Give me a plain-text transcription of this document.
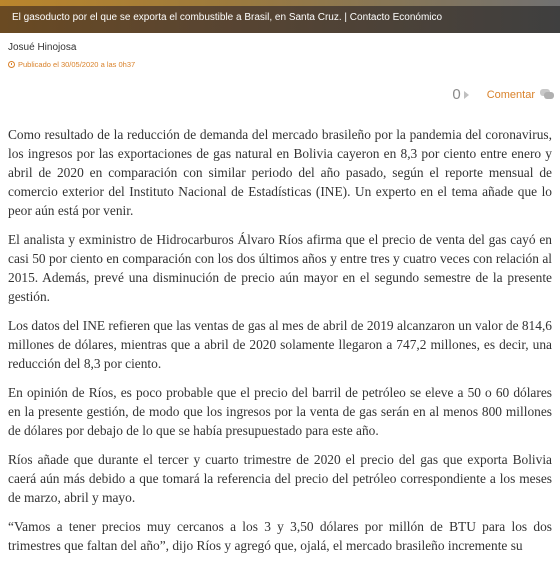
El gasoducto por el que se exporta el combustible a Brasil, en Santa Cruz. | Contacto Económico
Josué Hinojosa
Publicado el 30/05/2020 a las 0h37
0 Comentar

Como resultado de la reducción de demanda del mercado brasileño por la pandemia del coronavirus, los ingresos por las exportaciones de gas natural en Bolivia cayeron en 8,3 por ciento entre enero y abril de 2020 en comparación con similar periodo del año pasado, según el reporte mensual de comercio exterior del Instituto Nacional de Estadísticas (INE). Un experto en el tema añade que lo peor aún está por venir.

El analista y exministro de Hidrocarburos Álvaro Ríos afirma que el precio de venta del gas cayó en casi 50 por ciento en comparación con los dos últimos años y entre tres y cuatro veces con relación al 2015. Además, prevé una disminución de precio aún mayor en el segundo semestre de la presente gestión.

Los datos del INE refieren que las ventas de gas al mes de abril de 2019 alcanzaron un valor de 814,6 millones de dólares, mientras que a abril de 2020 solamente llegaron a 747,2 millones, es decir, una reducción del 8,3 por ciento.

En opinión de Ríos, es poco probable que el precio del barril de petróleo se eleve a 50 o 60 dólares en la presente gestión, de modo que los ingresos por la venta de gas serán en al menos 800 millones de dólares por debajo de lo que se había presupuestado para este año.

Ríos añade que durante el tercer y cuarto trimestre de 2020 el precio del gas que exporta Bolivia caerá aún más debido a que tomará la referencia del precio del petróleo correspondiente a los meses de marzo, abril y mayo.

“Vamos a tener precios muy cercanos a los 3 y 3,50 dólares por millón de BTU para los dos trimestres que faltan del año”, dijo Ríos y agregó que, ojalá, el mercado brasileño incremente su
